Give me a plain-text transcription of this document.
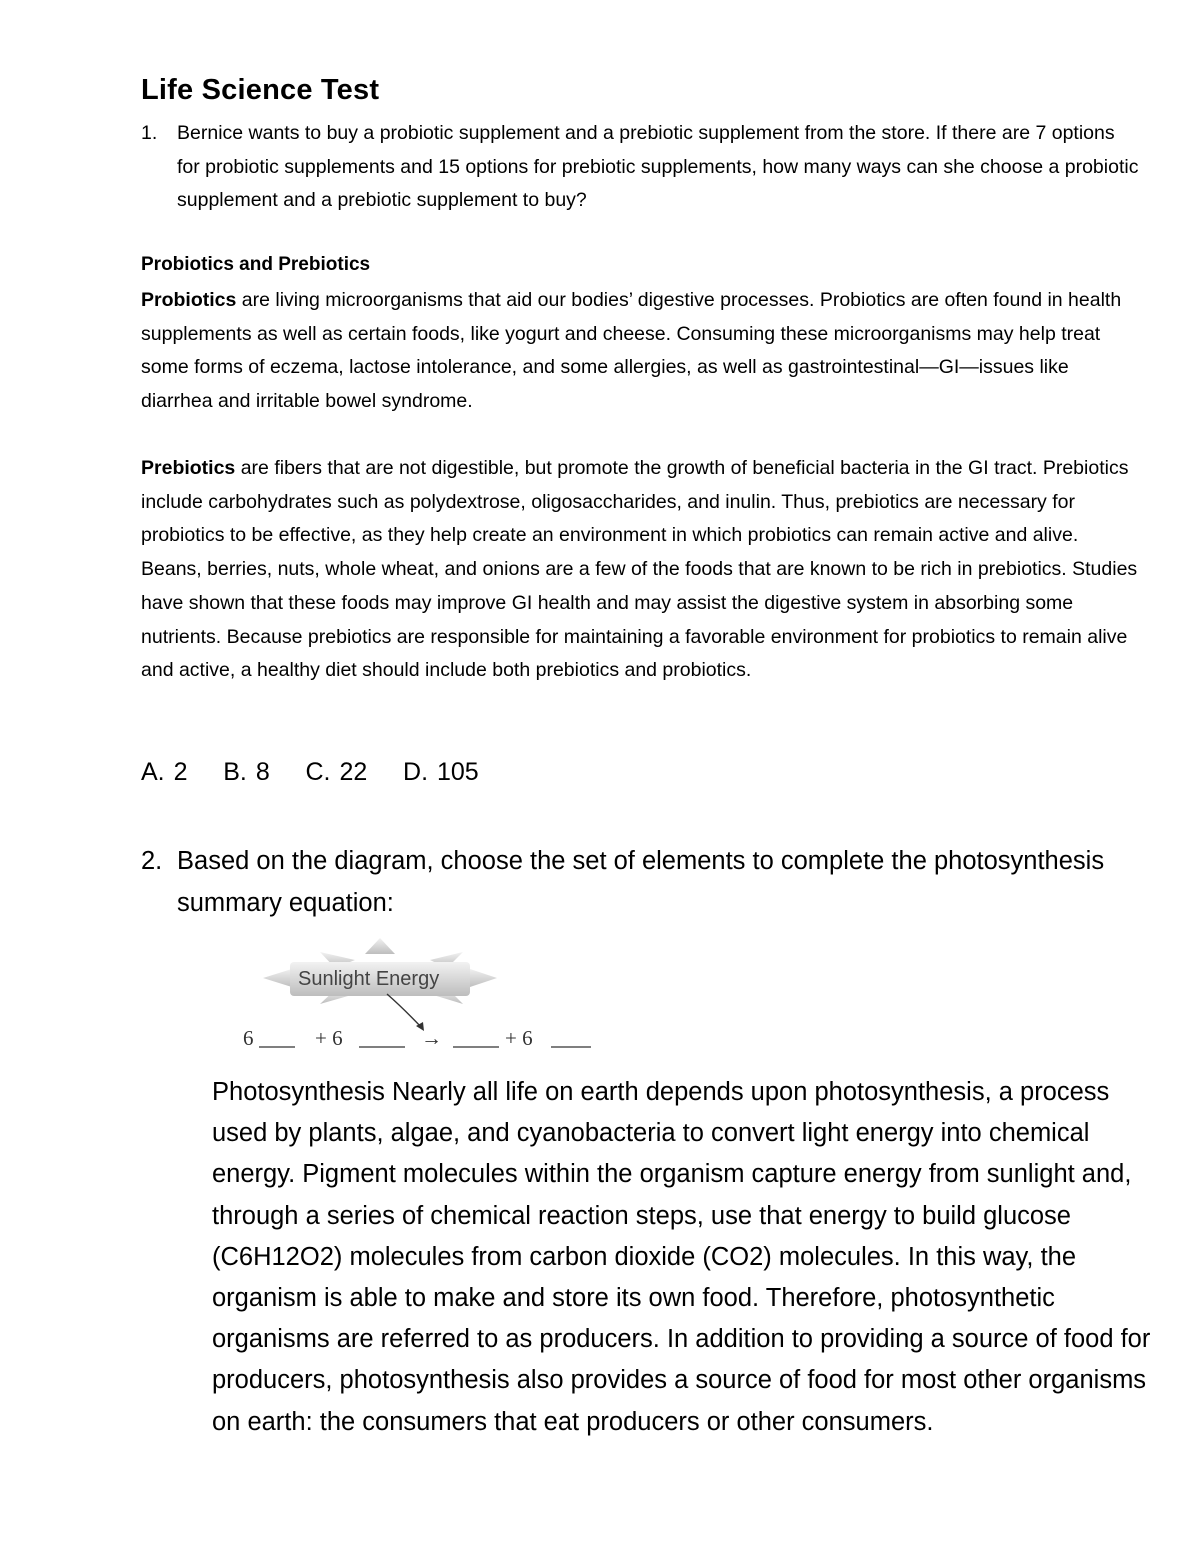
Life Science Test
1. Bernice wants to buy a probiotic supplement and a prebiotic supplement from the store. If there are 7 options for probiotic supplements and 15 options for prebiotic supplements, how many ways can she choose a probiotic supplement and a prebiotic supplement to buy?
Probiotics and Prebiotics
Probiotics are living microorganisms that aid our bodies’ digestive processes. Probiotics are often found in health supplements as well as certain foods, like yogurt and cheese. Consuming these microorganisms may help treat some forms of eczema, lactose intolerance, and some allergies, as well as gastrointestinal—GI—issues like diarrhea and irritable bowel syndrome.
Prebiotics are fibers that are not digestible, but promote the growth of beneficial bacteria in the GI tract. Prebiotics include carbohydrates such as polydextrose, oligosaccharides, and inulin. Thus, prebiotics are necessary for probiotics to be effective, as they help create an environment in which probiotics can remain active and alive. Beans, berries, nuts, whole wheat, and onions are a few of the foods that are known to be rich in prebiotics. Studies have shown that these foods may improve GI health and may assist the digestive system in absorbing some nutrients. Because prebiotics are responsible for maintaining a favorable environment for probiotics to remain alive and active, a healthy diet should include both prebiotics and probiotics.
A. 2    B. 8    C. 22    D. 105
2. Based on the diagram, choose the set of elements to complete the photosynthesis summary equation:
Sunlight Energy
6	+ 6	→	+ 6
Photosynthesis Nearly all life on earth depends upon photosynthesis, a process used by plants, algae, and cyanobacteria to convert light energy into chemical energy. Pigment molecules within the organism capture energy from sunlight and, through a series of chemical reaction steps, use that energy to build glucose (C6H12O2) molecules from carbon dioxide (CO2) molecules. In this way, the organism is able to make and store its own food. Therefore, photosynthetic organisms are referred to as producers. In addition to providing a source of food for producers, photosynthesis also provides a source of food for most other organisms on earth: the consumers that eat producers or other consumers.
